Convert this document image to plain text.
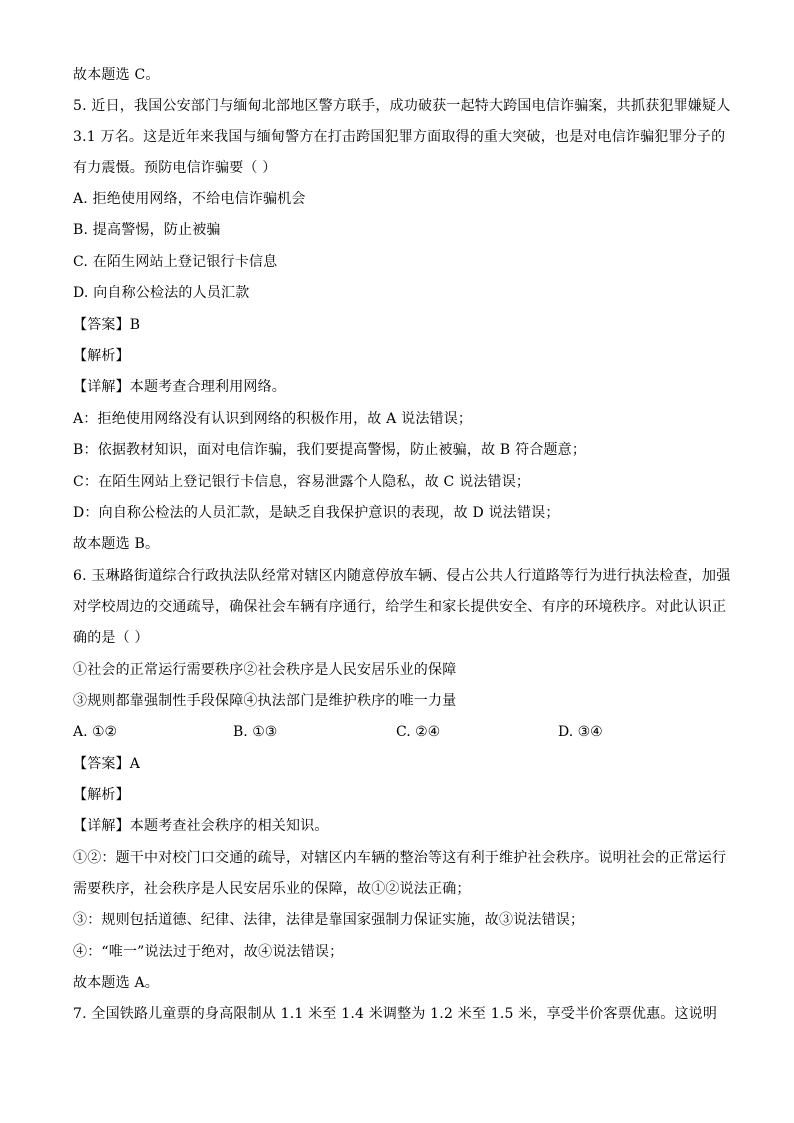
故本题选 C。
5. 近日，我国公安部门与缅甸北部地区警方联手，成功破获一起特大跨国电信诈骗案，共抓获犯罪嫌疑人
3.1 万名。这是近年来我国与缅甸警方在打击跨国犯罪方面取得的重大突破，也是对电信诈骗犯罪分子的
有力震慑。预防电信诈骗要（ ）
A. 拒绝使用网络，不给电信诈骗机会
B. 提高警惕，防止被骗
C. 在陌生网站上登记银行卡信息
D. 向自称公检法的人员汇款
【答案】B
【解析】
【详解】本题考查合理利用网络。
A：拒绝使用网络没有认识到网络的积极作用，故 A 说法错误；
B：依据教材知识，面对电信诈骗，我们要提高警惕，防止被骗，故 B 符合题意；
C：在陌生网站上登记银行卡信息，容易泄露个人隐私，故 C 说法错误；
D：向自称公检法的人员汇款，是缺乏自我保护意识的表现，故 D 说法错误；
故本题选 B。
6. 玉琳路街道综合行政执法队经常对辖区内随意停放车辆、侵占公共人行道路等行为进行执法检查，加强
对学校周边的交通疏导，确保社会车辆有序通行，给学生和家长提供安全、有序的环境秩序。对此认识正
确的是（ ）
①社会的正常运行需要秩序②社会秩序是人民安居乐业的保障
③规则都靠强制性手段保障④执法部门是维护秩序的唯一力量
A. ①②	B. ①③	C. ②④	D. ③④
【答案】A
【解析】
【详解】本题考查社会秩序的相关知识。
①②：题干中对校门口交通的疏导，对辖区内车辆的整治等这有利于维护社会秩序。说明社会的正常运行
需要秩序，社会秩序是人民安居乐业的保障，故①②说法正确；
③：规则包括道德、纪律、法律，法律是靠国家强制力保证实施，故③说法错误；
④：“唯一”说法过于绝对，故④说法错误；
故本题选 A。
7. 全国铁路儿童票的身高限制从 1.1 米至 1.4 米调整为 1.2 米至 1.5 米，享受半价客票优惠。这说明
